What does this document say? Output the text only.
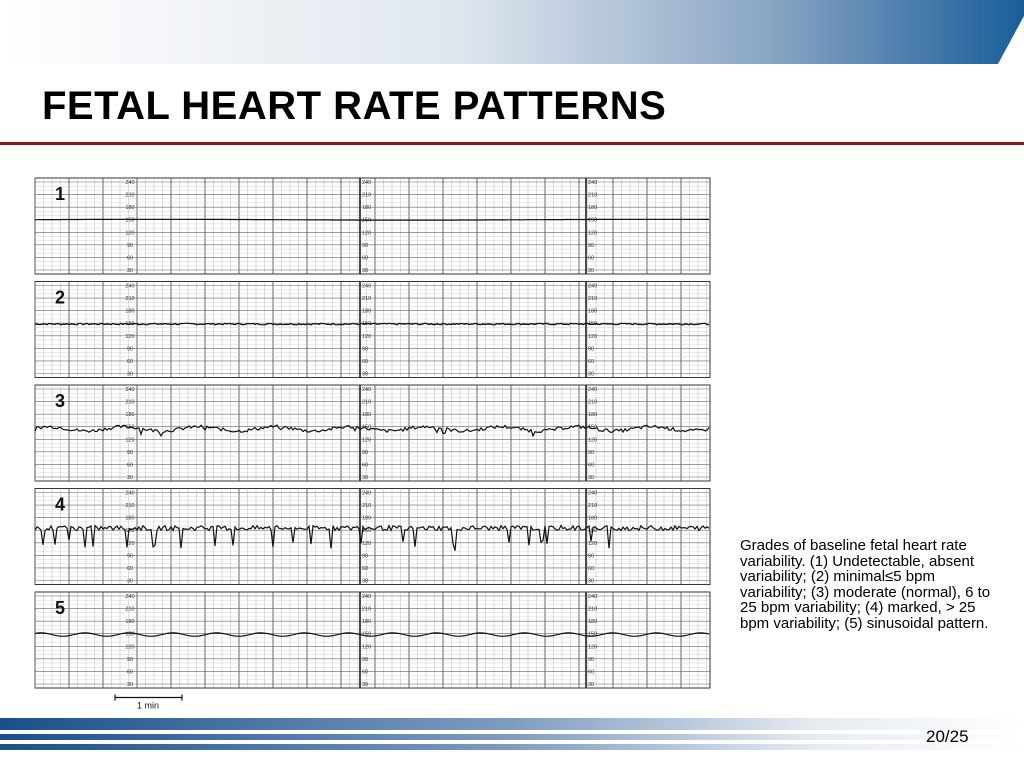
FETAL HEART RATE PATTERNS
240
210
180
150
120
90
60
30
240
210
180
150
120
90
60
30
240
210
180
150
120
90
60
30
1
240
210
180
150
120
90
60
30
240
210
180
150
120
90
60
30
240
210
180
150
120
90
60
30
2
240
210
180
150
120
90
60
30
240
210
180
150
120
90
60
30
240
210
180
150
120
90
60
30
3
240
210
180
150
120
90
60
30
240
210
180
150
120
90
60
30
240
210
180
150
120
90
60
30
4
240
210
180
150
120
90
60
30
240
210
180
150
120
90
60
30
240
210
180
150
120
90
60
30
5
1 min

Grades of baseline fetal heart rate variability. (1) Undetectable, absent variability; (2) minimal≤5 bpm variability; (3) moderate (normal), 6 to 25 bpm variability; (4) marked, > 25 bpm variability; (5) sinusoidal pattern.

20/25
